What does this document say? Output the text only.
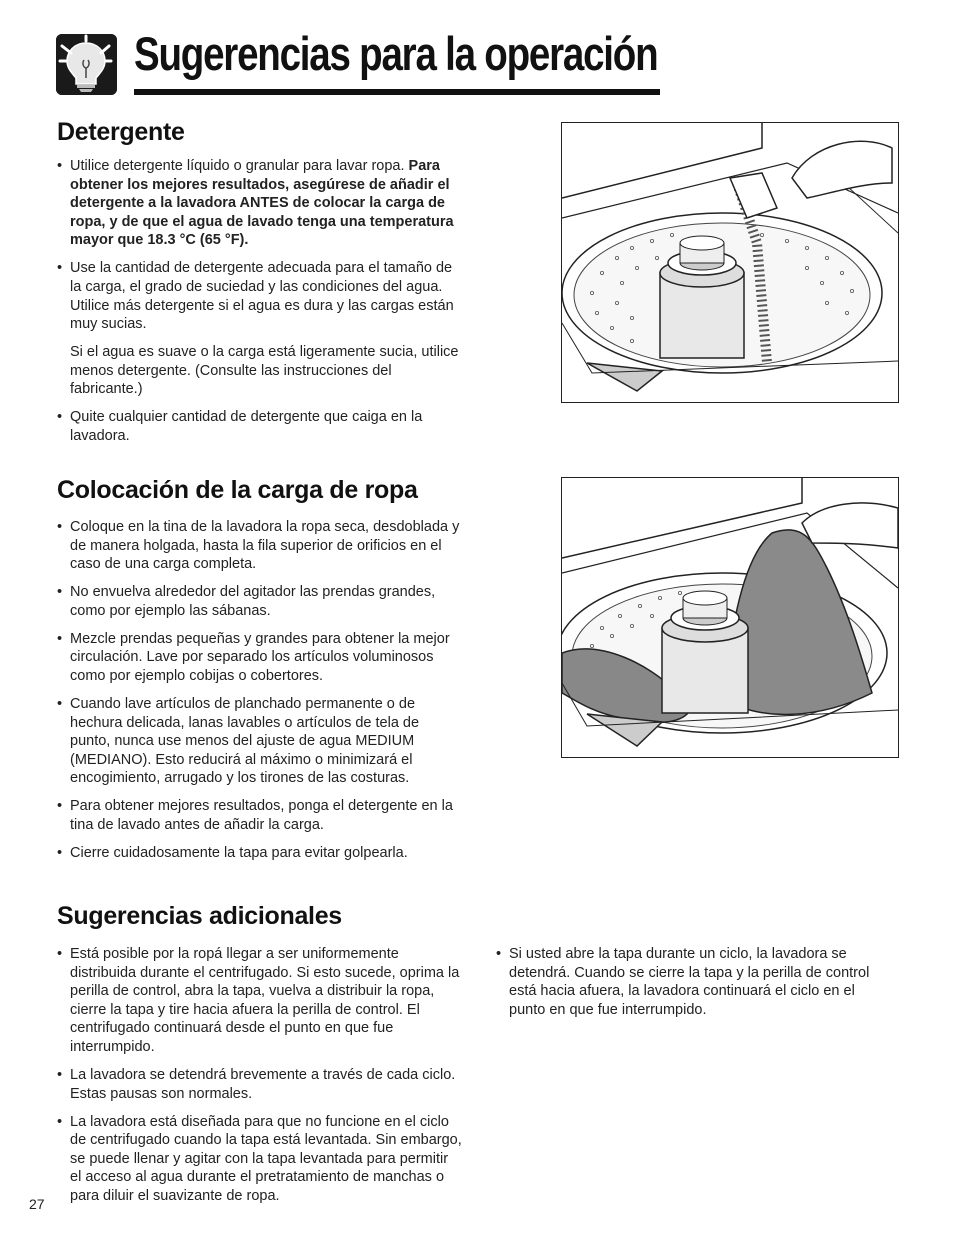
Sugerencias para la operación
Detergente
• Utilice detergente líquido o granular para lavar ropa. Para obtener los mejores resultados, asegúrese de añadir el detergente a la lavadora ANTES de colocar la carga de ropa, y de que el agua de lavado tenga una temperatura mayor que 18.3 °C (65 °F).
• Use la cantidad de detergente adecuada para el tamaño de la carga, el grado de suciedad y las condiciones del agua. Utilice más detergente si el agua es dura y las cargas están muy sucias.
Si el agua es suave o la carga está ligeramente sucia, utilice menos detergente. (Consulte las instrucciones del fabricante.)
• Quite cualquier cantidad de detergente que caiga en la lavadora.
Colocación de la carga de ropa
• Coloque en la tina de la lavadora la ropa seca, desdoblada y de manera holgada, hasta la fila superior de orificios en el caso de una carga completa.
• No envuelva alrededor del agitador las prendas grandes, como por ejemplo las sábanas.
• Mezcle prendas pequeñas y grandes para obtener la mejor circulación. Lave por separado los artículos voluminosos como por ejemplo cobijas o cobertores.
• Cuando lave artículos de planchado permanente o de hechura delicada, lanas lavables o artículos de tela de punto, nunca use menos del ajuste de agua MEDIUM (MEDIANO). Esto reducirá al máximo o minimizará el encogimiento, arrugado y los tirones de las costuras.
• Para obtener mejores resultados, ponga el detergente en la tina de lavado antes de añadir la carga.
• Cierre cuidadosamente la tapa para evitar golpearla.
Sugerencias adicionales
• Está posible por la ropá llegar a ser uniformemente distribuida durante el centrifugado. Si esto sucede, oprima la perilla de control, abra la tapa, vuelva a distribuir la ropa, cierre la tapa y tire hacia afuera la perilla de control. El centrifugado continuará desde el punto en que fue interrumpido.
• La lavadora se detendrá brevemente a través de cada ciclo. Estas pausas son normales.
• La lavadora está diseñada para que no funcione en el ciclo de centrifugado cuando la tapa está levantada. Sin embargo, se puede llenar y agitar con la tapa levantada para permitir el acceso al agua durante el pretratamiento de manchas o para diluir el suavizante de ropa.
• Si usted abre la tapa durante un ciclo, la lavadora se detendrá. Cuando se cierre la tapa y la perilla de control está hacia afuera, la lavadora continuará el ciclo en el punto en que fue interrumpido.
27
